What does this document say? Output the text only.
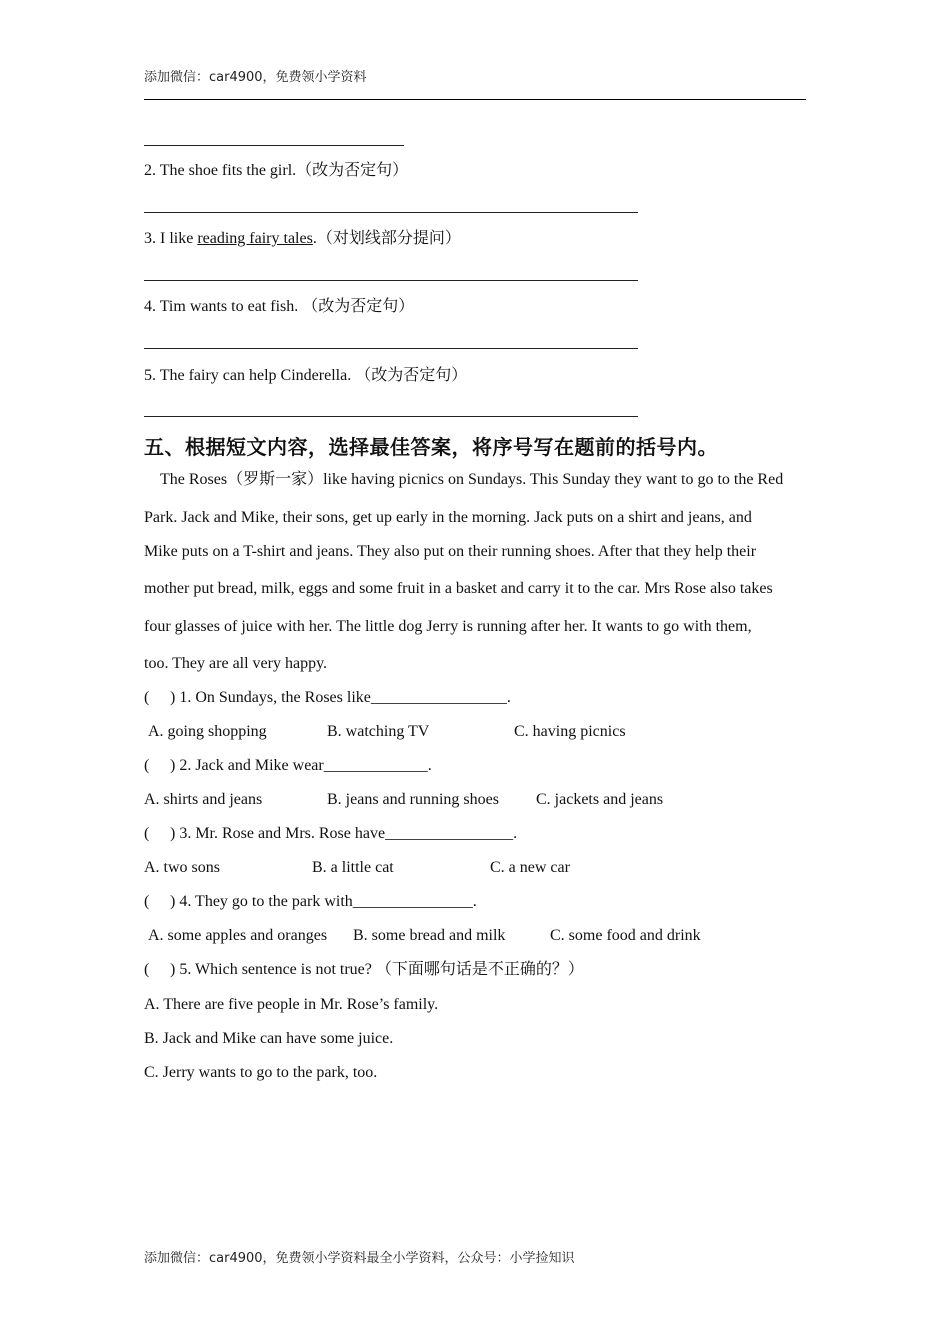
添加微信：car4900，免费领小学资料
2. The shoe fits the girl.（改为否定句）
3. I like reading fairy tales.（对划线部分提问）
4. Tim wants to eat fish. （改为否定句）
5. The fairy can help Cinderella. （改为否定句）
五、根据短文内容，选择最佳答案，将序号写在题前的括号内。
The Roses（罗斯一家）like having picnics on Sundays. This Sunday they want to go to the Red
Park. Jack and Mike, their sons, get up early in the morning. Jack puts on a shirt and jeans, and
Mike puts on a T-shirt and jeans. They also put on their running shoes. After that they help their
mother put bread, milk, eggs and some fruit in a basket and carry it to the car. Mrs Rose also takes
four glasses of juice with her. The little dog Jerry is running after her. It wants to go with them,
too. They are all very happy.
( ) 1. On Sundays, the Roses like_________________.
A. going shopping	B. watching TV	C. having picnics
( ) 2. Jack and Mike wear_____________.
A. shirts and jeans	B. jeans and running shoes C. jackets and jeans
( ) 3. Mr. Rose and Mrs. Rose have________________.
A. two sons	B. a little cat	C. a new car
( ) 4. They go to the park with_______________.
A. some apples and oranges B. some bread and milk	C. some food and drink
( ) 5. Which sentence is not true? （下面哪句话是不正确的？）
A. There are five people in Mr. Rose’s family.
B. Jack and Mike can have some juice.
C. Jerry wants to go to the park, too.
添加微信：car4900，免费领小学资料最全小学资料，公众号：小学捡知识
